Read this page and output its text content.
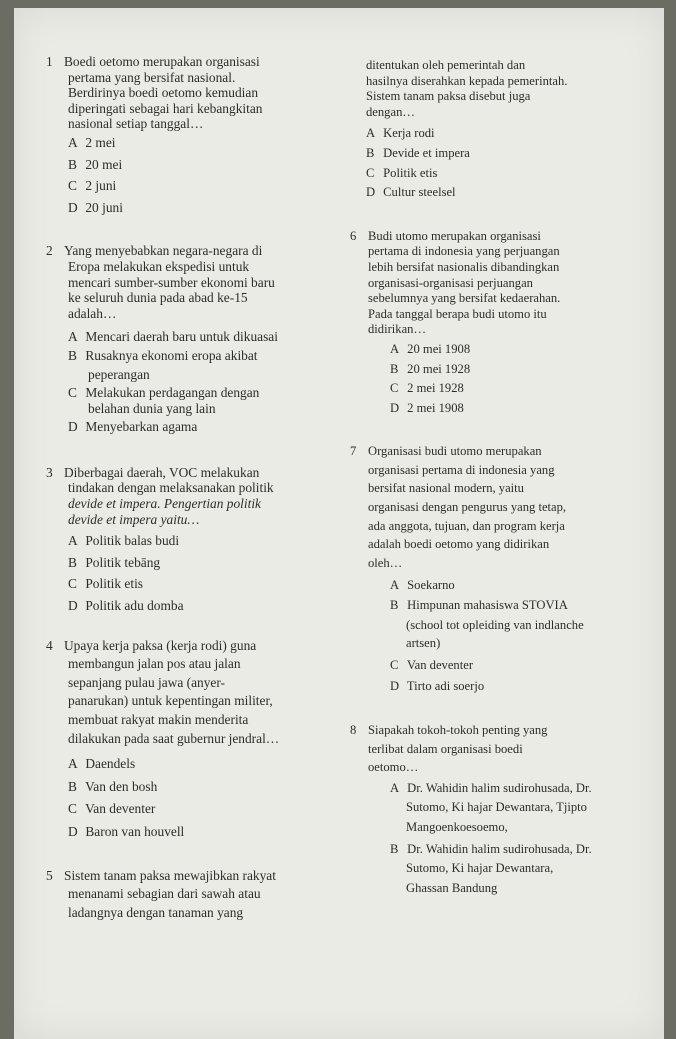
1 Boedi oetomo merupakan organisasi
pertama yang bersifat nasional.
Berdirinya boedi oetomo kemudian
diperingati sebagai hari kebangkitan
nasional setiap tanggal…
A 2 mei
B 20 mei
C 2 juni
D 20 juni
2 Yang menyebabkan negara-negara di
Eropa melakukan ekspedisi untuk
mencari sumber-sumber ekonomi baru
ke seluruh dunia pada abad ke-15
adalah…
A Mencari daerah baru untuk dikuasai
B Rusaknya ekonomi eropa akibat
peperangan
C Melakukan perdagangan dengan
belahan dunia yang lain
D Menyebarkan agama
3 Diberbagai daerah, VOC melakukan
tindakan dengan melaksanakan politik
devide et impera. Pengertian politik
devide et impera yaitu…
A Politik balas budi
B Politik tebāng
C Politik etis
D Politik adu domba
4 Upaya kerja paksa (kerja rodi) guna
membangun jalan pos atau jalan
sepanjang pulau jawa (anyer-
panarukan) untuk kepentingan militer,
membuat rakyat makin menderita
dilakukan pada saat gubernur jendral…
A Daendels
B Van den bosh
C Van deventer
D Baron van houvell
5 Sistem tanam paksa mewajibkan rakyat
menanami sebagian dari sawah atau
ladangnya dengan tanaman yang
ditentukan oleh pemerintah dan
hasilnya diserahkan kepada pemerintah.
Sistem tanam paksa disebut juga
dengan…
A Kerja rodi
B Devide et impera
C Politik etis
D Cultur steelsel
6 Budi utomo merupakan organisasi
pertama di indonesia yang perjuangan
lebih bersifat nasionalis dibandingkan
organisasi-organisasi perjuangan
sebelumnya yang bersifat kedaerahan.
Pada tanggal berapa budi utomo itu
didirikan…
A 20 mei 1908
B 20 mei 1928
C 2 mei 1928
D 2 mei 1908
7 Organisasi budi utomo merupakan
organisasi pertama di indonesia yang
bersifat nasional modern, yaitu
organisasi dengan pengurus yang tetap,
ada anggota, tujuan, dan program kerja
adalah boedi oetomo yang didirikan
oleh…
A Soekarno
B Himpunan mahasiswa STOVIA
(school tot opleiding van indlanche
artsen)
C Van deventer
D Tirto adi soerjo
8 Siapakah tokoh-tokoh penting yang
terlibat dalam organisasi boedi
oetomo…
A Dr. Wahidin halim sudirohusada, Dr.
Sutomo, Ki hajar Dewantara, Tjipto
Mangoenkoesoemo,
B Dr. Wahidin halim sudirohusada, Dr.
Sutomo, Ki hajar Dewantara,
Ghassan Bandung
